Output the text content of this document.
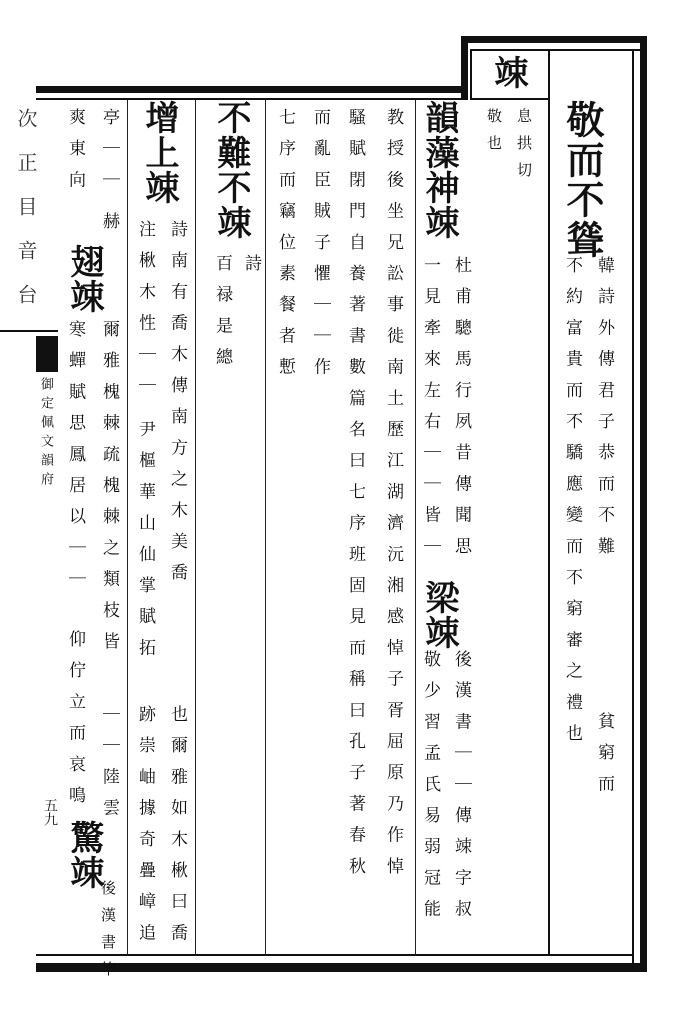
次正目音台
御定佩文韻府
五九
竦
息拱切
敬也 敬而不聳
韓詩外傳君子恭而不難
不約富貴而不驕應變而不窮審之禮也
貧窮而
韻藻神竦
杜甫驄馬行夙昔傳聞思
一見牽來左右｜｜皆｜
梁竦
後漢書｜｜傳竦字叔
敬少習孟氏易弱冠能
教授後坐兄訟事徙南土歷江湖濟沅湘感悼子胥屈原乃作悼
騷賦閉門自養著書數篇名曰七序班固見而稱曰孔子著春秋
而亂臣賊子懼｜｜作
七序而竊位素餐者慙
不難不竦
詩
百禄是總
增上竦
詩南有喬木傳南方之木美喬
也爾雅如木楸曰喬
注楸木性｜｜
尹樞華山仙掌賦拓
跡崇岫據奇疊嶂追
亭｜｜
赫
翅竦
爾雅槐棘疏槐棘之類枝皆
｜｜陸雲
寒蟬賦思鳳居以｜｜
仰佇立而哀鳴
驚竦
後漢書竿
爽東向
